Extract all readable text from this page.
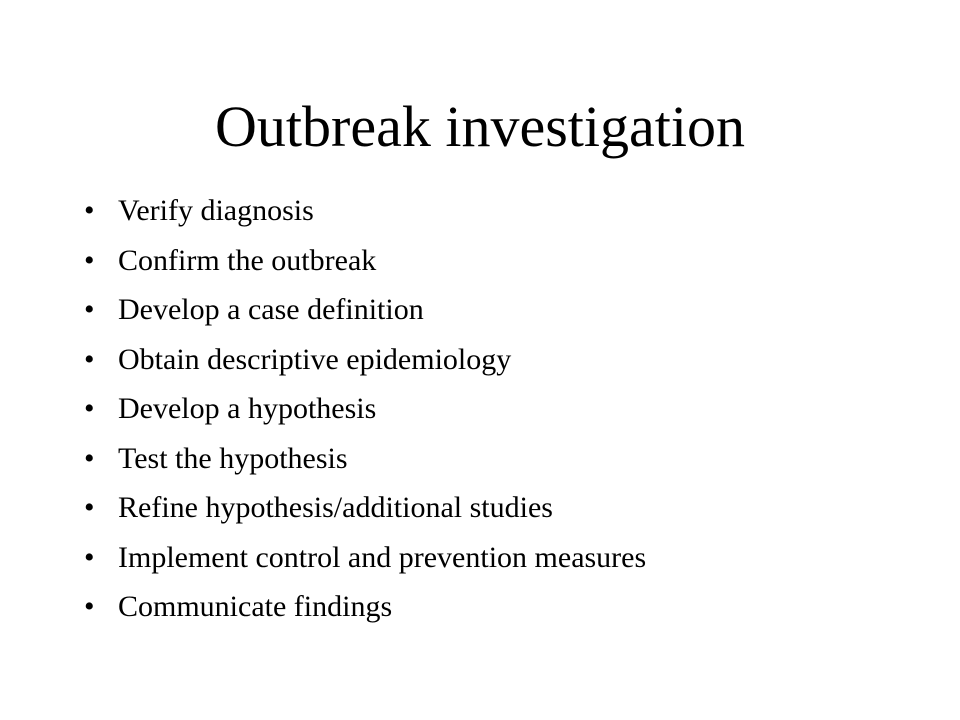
Outbreak investigation
• Verify diagnosis
• Confirm the outbreak
• Develop a case definition
• Obtain descriptive epidemiology
• Develop a hypothesis
• Test the hypothesis
• Refine hypothesis/additional studies
• Implement control and prevention measures
• Communicate findings
